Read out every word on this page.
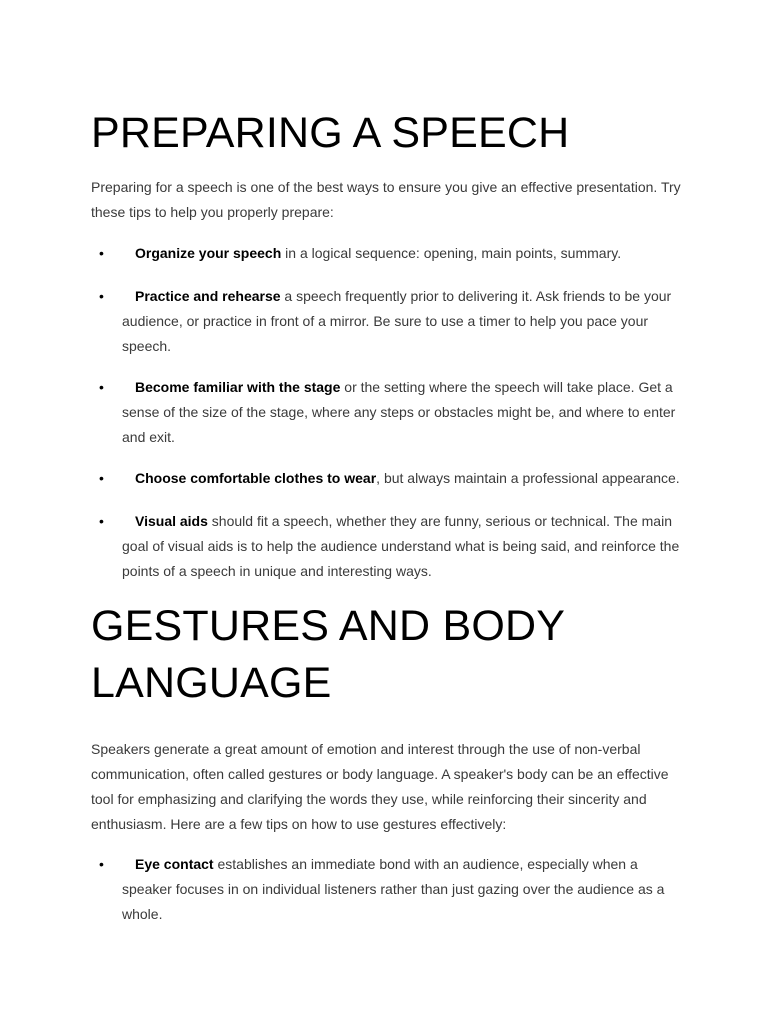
PREPARING A SPEECH

Preparing for a speech is one of the best ways to ensure you give an effective presentation. Try these tips to help you properly prepare:

•	Organize your speech in a logical sequence: opening, main points, summary.
•	Practice and rehearse a speech frequently prior to delivering it. Ask friends to be your audience, or practice in front of a mirror. Be sure to use a timer to help you pace your speech.
•	Become familiar with the stage or the setting where the speech will take place. Get a sense of the size of the stage, where any steps or obstacles might be, and where to enter and exit.
•	Choose comfortable clothes to wear, but always maintain a professional appearance.
•	Visual aids should fit a speech, whether they are funny, serious or technical. The main goal of visual aids is to help the audience understand what is being said, and reinforce the points of a speech in unique and interesting ways.
GESTURES AND BODY
LANGUAGE

Speakers generate a great amount of emotion and interest through the use of non-verbal communication, often called gestures or body language. A speaker's body can be an effective tool for emphasizing and clarifying the words they use, while reinforcing their sincerity and enthusiasm. Here are a few tips on how to use gestures effectively:

•	Eye contact establishes an immediate bond with an audience, especially when a speaker focuses in on individual listeners rather than just gazing over the audience as a whole.
